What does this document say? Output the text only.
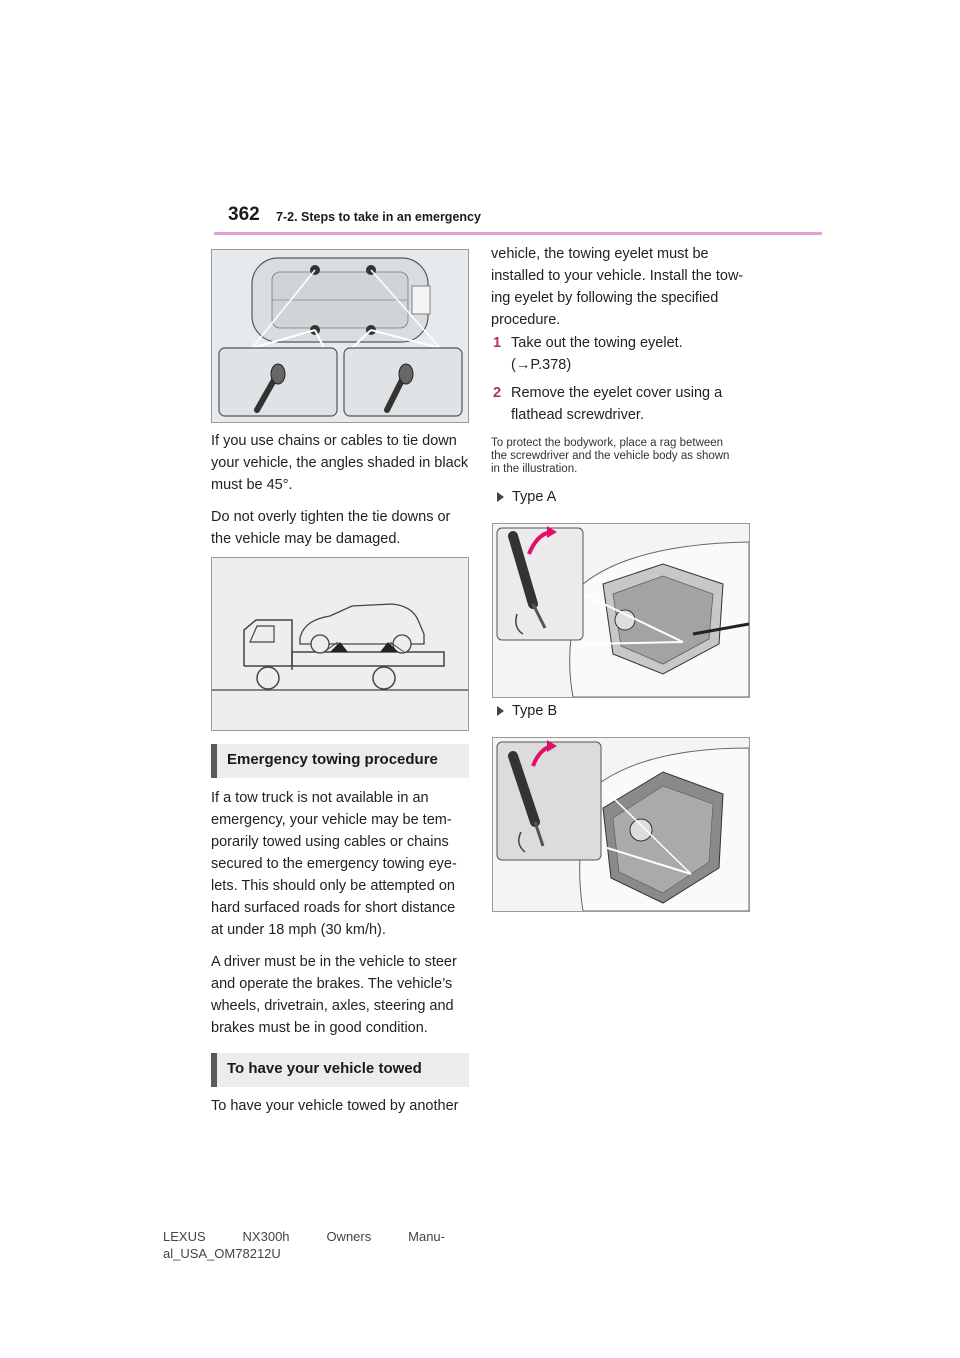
362 7-2. Steps to take in an emergency

If you use chains or cables to tie down your vehicle, the angles shaded in black must be 45°.

Do not overly tighten the tie downs or the vehicle may be damaged.

Emergency towing procedure

If a tow truck is not available in an emergency, your vehicle may be tem-porarily towed using cables or chains secured to the emergency towing eye-lets. This should only be attempted on hard surfaced roads for short distance at under 18 mph (30 km/h).

A driver must be in the vehicle to steer and operate the brakes. The vehicle’s wheels, drivetrain, axles, steering and brakes must be in good condition.

To have your vehicle towed

To have your vehicle towed by another

vehicle, the towing eyelet must be installed to your vehicle. Install the tow-ing eyelet by following the specified procedure.

1 Take out the towing eyelet.
(→P.378)
2 Remove the eyelet cover using a flathead screwdriver.
To protect the bodywork, place a rag between the screwdriver and the vehicle body as shown in the illustration.
Type A
Type B
LEXUS	NX300h	Owners	Manu-
al_USA_OM78212U
